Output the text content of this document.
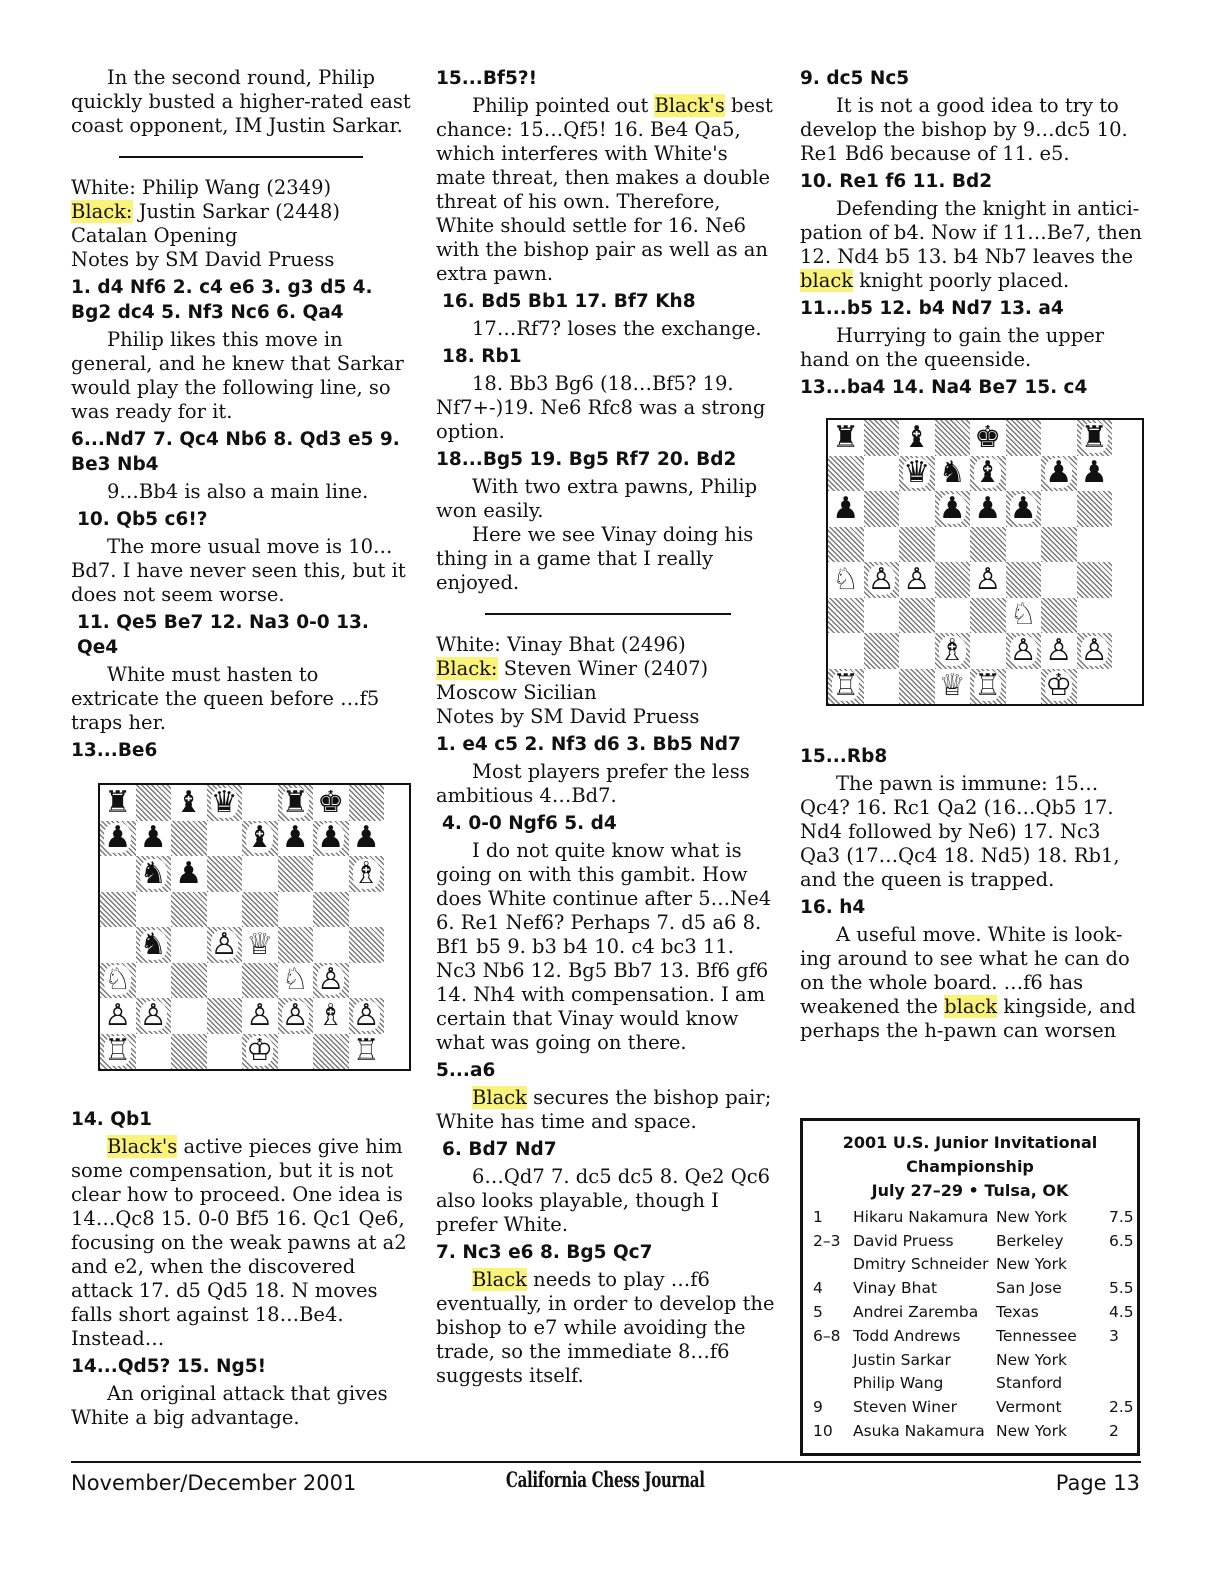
In the second round, Philip quickly busted a higher-rated east coast opponent, IM Justin Sarkar.

White: Philip Wang (2349)
Black: Justin Sarkar (2448)
Catalan Opening
Notes by SM David Pruess
1. d4 Nf6 2. c4 e6 3. g3 d5 4. Bg2 dc4 5. Nf3 Nc6 6. Qa4

Philip likes this move in general, and he knew that Sarkar would play the following line, so was ready for it.

6...Nd7 7. Qc4 Nb6 8. Qd3 e5 9. Be3 Nb4

9…Bb4 is also a main line.

10. Qb5 c6!?

The more usual move is 10…Bd7. I have never seen this, but it does not seem worse.

11. Qe5 Be7 12. Na3 0-0 13. Qe4

White must hasten to extricate the queen before …f5 traps her.

13...Be6
♜ ♝ ♛ ♜ ♚
♟ ♟	♝ ♟ ♟ ♟
♞ ♟	♗
♞ ♙ ♕
♘	♘ ♙
♙ ♙	♙ ♙ ♗ ♙
♖	♔	♖
14. Qb1

Black's active pieces give him some compensation, but it is not clear how to proceed. One idea is 14…Qc8 15. 0-0 Bf5 16. Qc1 Qe6, focusing on the weak pawns at a2 and e2, when the discovered attack 17. d5 Qd5 18. N moves falls short against 18…Be4. Instead…

14...Qd5? 15. Ng5!

An original attack that gives White a big advantage.

15...Bf5?!

Philip pointed out Black's best chance: 15…Qf5! 16. Be4 Qa5, which interferes with White's mate threat, then makes a double threat of his own. Therefore, White should settle for 16. Ne6 with the bishop pair as well as an extra pawn.

16. Bd5 Bb1 17. Bf7 Kh8

17…Rf7? loses the exchange.

18. Rb1

18. Bb3 Bg6 (18…Bf5? 19. Nf7+-)19. Ne6 Rfc8 was a strong option.

18...Bg5 19. Bg5 Rf7 20. Bd2

With two extra pawns, Philip won easily.

Here we see Vinay doing his thing in a game that I really enjoyed.

White: Vinay Bhat (2496)
Black: Steven Winer (2407)
Moscow Sicilian
Notes by SM David Pruess
1. e4 c5 2. Nf3 d6 3. Bb5 Nd7

Most players prefer the less ambitious 4…Bd7.

4. 0-0 Ngf6 5. d4

I do not quite know what is going on with this gambit. How does White continue after 5…Ne4 6. Re1 Nef6? Perhaps 7. d5 a6 8. Bf1 b5 9. b3 b4 10. c4 bc3 11. Nc3 Nb6 12. Bg5 Bb7 13. Bf6 gf6 14. Nh4 with compensation. I am certain that Vinay would know what was going on there.

5...a6

Black secures the bishop pair; White has time and space.

6. Bd7 Nd7

6…Qd7 7. dc5 dc5 8. Qe2 Qc6 also looks playable, though I prefer White.

7. Nc3 e6 8. Bg5 Qc7

Black needs to play …f6 eventually, in order to develop the bishop to e7 while avoiding the trade, so the immediate 8…f6 suggests itself.

9. dc5 Nc5

It is not a good idea to try to develop the bishop by 9…dc5 10. Re1 Bd6 because of 11. e5.

10. Re1 f6 11. Bd2

Defending the knight in antici-pation of b4. Now if 11…Be7, then 12. Nd4 b5 13. b4 Nb7 leaves the black knight poorly placed.

11...b5 12. b4 Nd7 13. a4

Hurrying to gain the upper hand on the queenside.

13...ba4 14. Na4 Be7 15. c4
♜ ♝ ♚	♜
♛ ♞ ♝ ♟ ♟
♟	♟ ♟ ♟
♘ ♙ ♙ ♙
♘
♗ ♙ ♙ ♙
♖	♕ ♖ ♔
15...Rb8

The pawn is immune: 15…Qc4? 16. Rc1 Qa2 (16…Qb5 17. Nd4 followed by Ne6) 17. Nc3 Qa3 (17…Qc4 18. Nd5) 18. Rb1, and the queen is trapped.

16. h4

A useful move. White is look-ing around to see what he can do on the whole board. …f6 has weakened the black kingside, and perhaps the h-pawn can worsen

2001 U.S. Junior Invitational
Championship
July 27–29 • Tulsa, OK
1	Hikaru Nakamura	New York	7.5
2–3	David Pruess	Berkeley	6.5
	Dmitry Schneider	New York	
4	Vinay Bhat	San Jose	5.5
5	Andrei Zaremba	Texas	4.5
6–8	Todd Andrews	Tennessee	3
	Justin Sarkar	New York	
	Philip Wang	Stanford	
9	Steven Winer	Vermont	2.5
10	Asuka Nakamura	New York	2
November/December 2001	California Chess Journal	Page 13
